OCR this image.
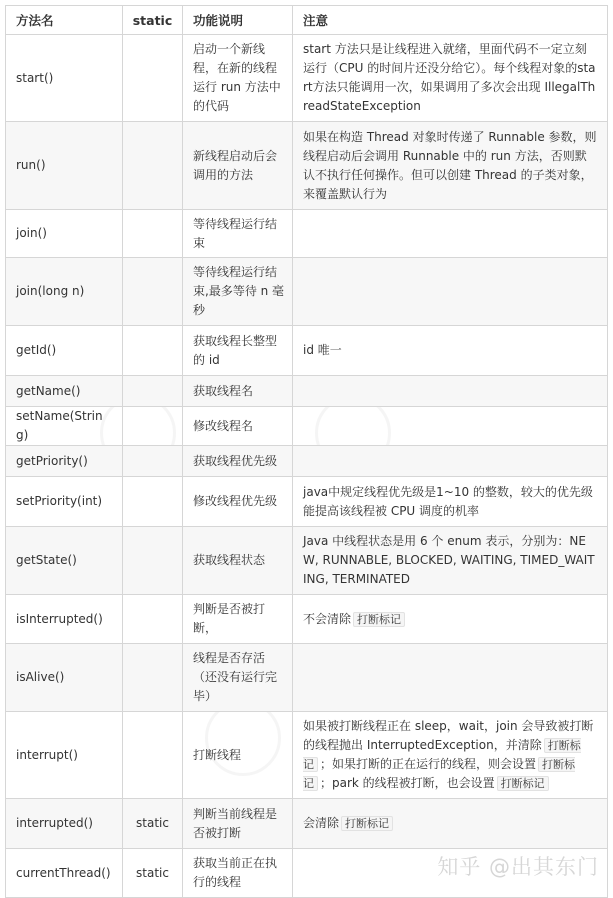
方法名	static	功能说明	注意
start()		启动一个新线程，在新的线程运行 run 方法中的代码	start 方法只是让线程进入就绪，里面代码不一定立刻运行（CPU 的时间片还没分给它）。每个线程对象的start方法只能调用一次，如果调用了多次会出现 IllegalThreadStateException
run()		新线程启动后会调用的方法	如果在构造 Thread 对象时传递了 Runnable 参数，则线程启动后会调用 Runnable 中的 run 方法，否则默认不执行任何操作。但可以创建 Thread 的子类对象，来覆盖默认行为
join()		等待线程运行结束	
join(long n)		等待线程运行结束,最多等待 n 毫秒	
getId()		获取线程长整型的 id	id 唯一
getName()		获取线程名	
setName(String)		修改线程名	
getPriority()		获取线程优先级	
setPriority(int)		修改线程优先级	java中规定线程优先级是1~10 的整数，较大的优先级能提高该线程被 CPU 调度的机率
getState()		获取线程状态	Java 中线程状态是用 6 个 enum 表示，分别为：NEW, RUNNABLE, BLOCKED, WAITING, TIMED_WAITING, TERMINATED
isInterrupted()		判断是否被打断，	不会清除 打断标记
isAlive()		线程是否存活（还没有运行完毕）	
interrupt()		打断线程	如果被打断线程正在 sleep，wait，join 会导致被打断的线程抛出 InterruptedException，并清除 打断标记 ；如果打断的正在运行的线程，则会设置 打断标记 ；park 的线程被打断，也会设置 打断标记
interrupted()	static	判断当前线程是否被打断	会清除 打断标记
currentThread()	static	获取当前正在执行的线程	
知乎 @出其东门
